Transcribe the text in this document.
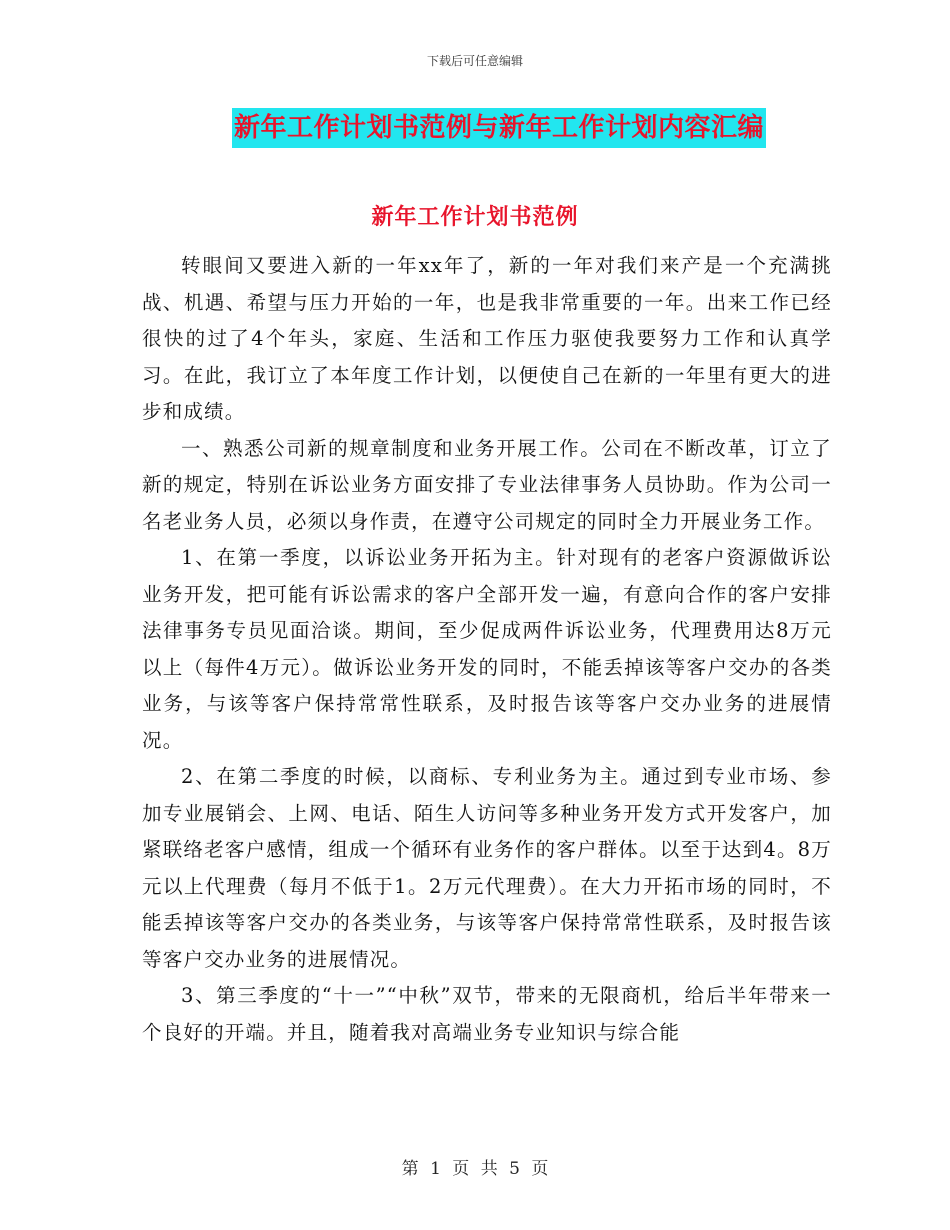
下载后可任意编辑
新年工作计划书范例与新年工作计划内容汇编
新年工作计划书范例

转眼间又要进入新的一年xx年了，新的一年对我们来产是一个充满挑战、机遇、希望与压力开始的一年，也是我非常重要的一年。出来工作已经很快的过了4个年头，家庭、生活和工作压力驱使我要努力工作和认真学习。在此，我订立了本年度工作计划，以便使自己在新的一年里有更大的进步和成绩。

一、熟悉公司新的规章制度和业务开展工作。公司在不断改革，订立了新的规定，特别在诉讼业务方面安排了专业法律事务人员协助。作为公司一名老业务人员，必须以身作责，在遵守公司规定的同时全力开展业务工作。

1、在第一季度，以诉讼业务开拓为主。针对现有的老客户资源做诉讼业务开发，把可能有诉讼需求的客户全部开发一遍，有意向合作的客户安排法律事务专员见面洽谈。期间，至少促成两件诉讼业务，代理费用达8万元以上（每件4万元）。做诉讼业务开发的同时，不能丢掉该等客户交办的各类业务，与该等客户保持常常性联系，及时报告该等客户交办业务的进展情况。

2、在第二季度的时候，以商标、专利业务为主。通过到专业市场、参加专业展销会、上网、电话、陌生人访问等多种业务开发方式开发客户，加紧联络老客户感情，组成一个循环有业务作的客户群体。以至于达到4。8万元以上代理费（每月不低于1。2万元代理费）。在大力开拓市场的同时，不能丢掉该等客户交办的各类业务，与该等客户保持常常性联系，及时报告该等客户交办业务的进展情况。

3、第三季度的“十一”“中秋”双节，带来的无限商机，给后半年带来一个良好的开端。并且，随着我对高端业务专业知识与综合能

第 1 页 共 5 页
